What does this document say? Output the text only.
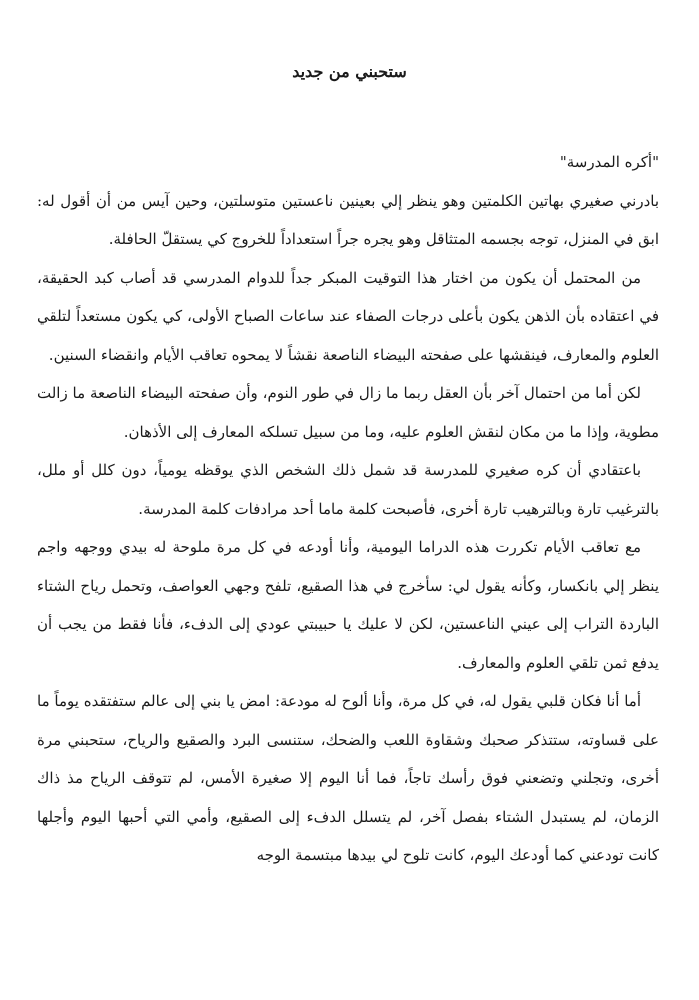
ستحبني من جديد

"أكره المدرسة"

بادرني صغيري بهاتين الكلمتين وهو ينظر إلي بعينين ناعستين متوسلتين، وحين آيس من أن أقول له: ابق في المنزل، توجه بجسمه المتثاقل وهو يجره جراً استعداداً للخروج كي يستقلّ الحافلة.

من المحتمل أن يكون من اختار هذا التوقيت المبكر جداً للدوام المدرسي قد أصاب كبد الحقيقة، في اعتقاده بأن الذهن يكون بأعلى درجات الصفاء عند ساعات الصباح الأولى، كي يكون مستعداً لتلقي العلوم والمعارف، فينقشها على صفحته البيضاء الناصعة نقشاً لا يمحوه تعاقب الأيام وانقضاء السنين.

لكن أما من احتمال آخر بأن العقل ربما ما زال في طور النوم، وأن صفحته البيضاء الناصعة ما زالت مطوية، وإذا ما من مكان لنقش العلوم عليه، وما من سبيل تسلكه المعارف إلى الأذهان.

باعتقادي أن كره صغيري للمدرسة قد شمل ذلك الشخص الذي يوقظه يومياً، دون كلل أو ملل، بالترغيب تارة وبالترهيب تارة أخرى، فأصبحت كلمة ماما أحد مرادفات كلمة المدرسة.

مع تعاقب الأيام تكررت هذه الدراما اليومية، وأنا أودعه في كل مرة ملوحة له بيدي ووجهه واجم ينظر إلي بانكسار، وكأنه يقول لي: سأخرج في هذا الصقيع، تلفح وجهي العواصف، وتحمل رياح الشتاء الباردة التراب إلى عيني الناعستين، لكن لا عليك يا حبيبتي عودي إلى الدفء، فأنا فقط من يجب أن يدفع ثمن تلقي العلوم والمعارف.

أما أنا فكان قلبي يقول له، في كل مرة، وأنا ألوح له مودعة: امض يا بني إلى عالم ستفتقده يوماً ما على قساوته، ستتذكر صحبك وشقاوة اللعب والضحك، ستنسى البرد والصقيع والرياح، ستحبني مرة أخرى، وتجلني وتضعني فوق رأسك تاجاً، فما أنا اليوم إلا صغيرة الأمس، لم تتوقف الرياح مذ ذاك الزمان، لم يستبدل الشتاء بفصل آخر، لم يتسلل الدفء إلى الصقيع، وأمي التي أحبها اليوم وأجلها كانت تودعني كما أودعك اليوم، كانت تلوح لي بيدها مبتسمة الوجه
